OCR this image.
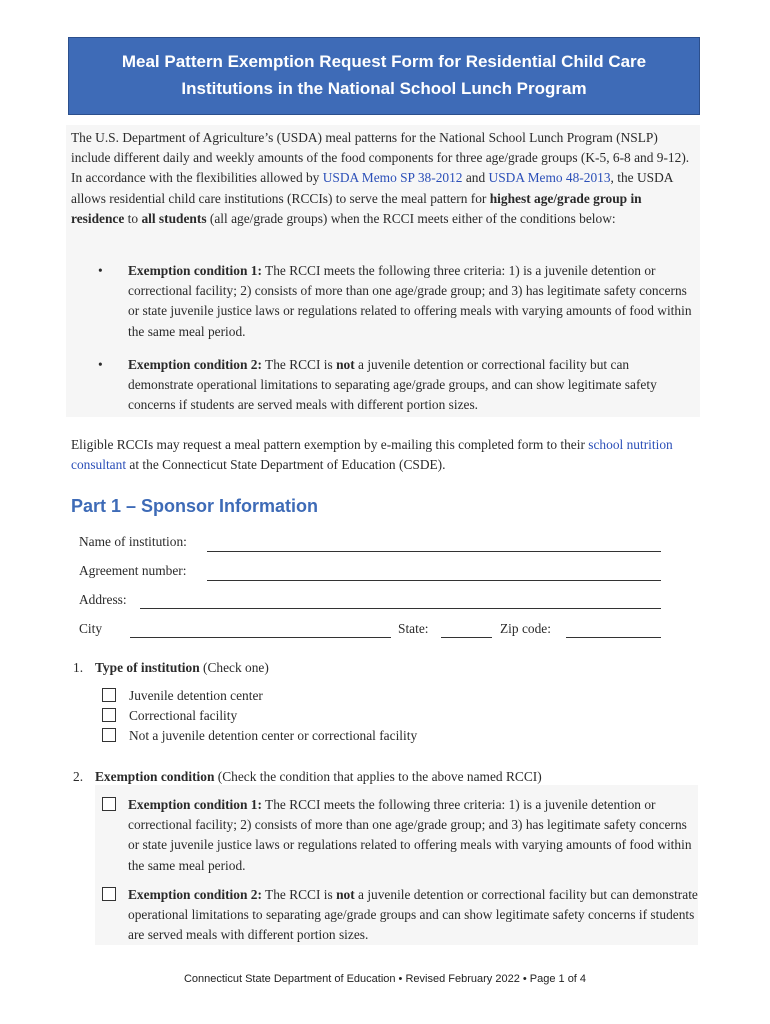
Meal Pattern Exemption Request Form for Residential Child Care
Institutions in the National School Lunch Program
The U.S. Department of Agriculture’s (USDA) meal patterns for the National School Lunch Program (NSLP) include different daily and weekly amounts of the food components for three age/grade groups (K-5, 6-8 and 9-12). In accordance with the flexibilities allowed by USDA Memo SP 38-2012 and USDA Memo 48-2013, the USDA allows residential child care institutions (RCCIs) to serve the meal pattern for highest age/grade group in residence to all students (all age/grade groups) when the RCCI meets either of the conditions below:
• Exemption condition 1: The RCCI meets the following three criteria: 1) is a juvenile detention or correctional facility; 2) consists of more than one age/grade group; and 3) has legitimate safety concerns or state juvenile justice laws or regulations related to offering meals with varying amounts of food within the same meal period.
• Exemption condition 2: The RCCI is not a juvenile detention or correctional facility but can demonstrate operational limitations to separating age/grade groups, and can show legitimate safety concerns if students are served meals with different portion sizes.
Eligible RCCIs may request a meal pattern exemption by e-mailing this completed form to their school nutrition consultant at the Connecticut State Department of Education (CSDE).
Part 1 – Sponsor Information
Name of institution:
Agreement number:
Address:
City	State:	Zip code:
1. Type of institution (Check one)
Juvenile detention center
Correctional facility
Not a juvenile detention center or correctional facility
2. Exemption condition (Check the condition that applies to the above named RCCI)
Exemption condition 1: The RCCI meets the following three criteria: 1) is a juvenile detention or correctional facility; 2) consists of more than one age/grade group; and 3) has legitimate safety concerns or state juvenile justice laws or regulations related to offering meals with varying amounts of food within the same meal period.
Exemption condition 2: The RCCI is not a juvenile detention or correctional facility but can demonstrate operational limitations to separating age/grade groups and can show legitimate safety concerns if students are served meals with different portion sizes.
Connecticut State Department of Education • Revised February 2022 • Page 1 of 4
